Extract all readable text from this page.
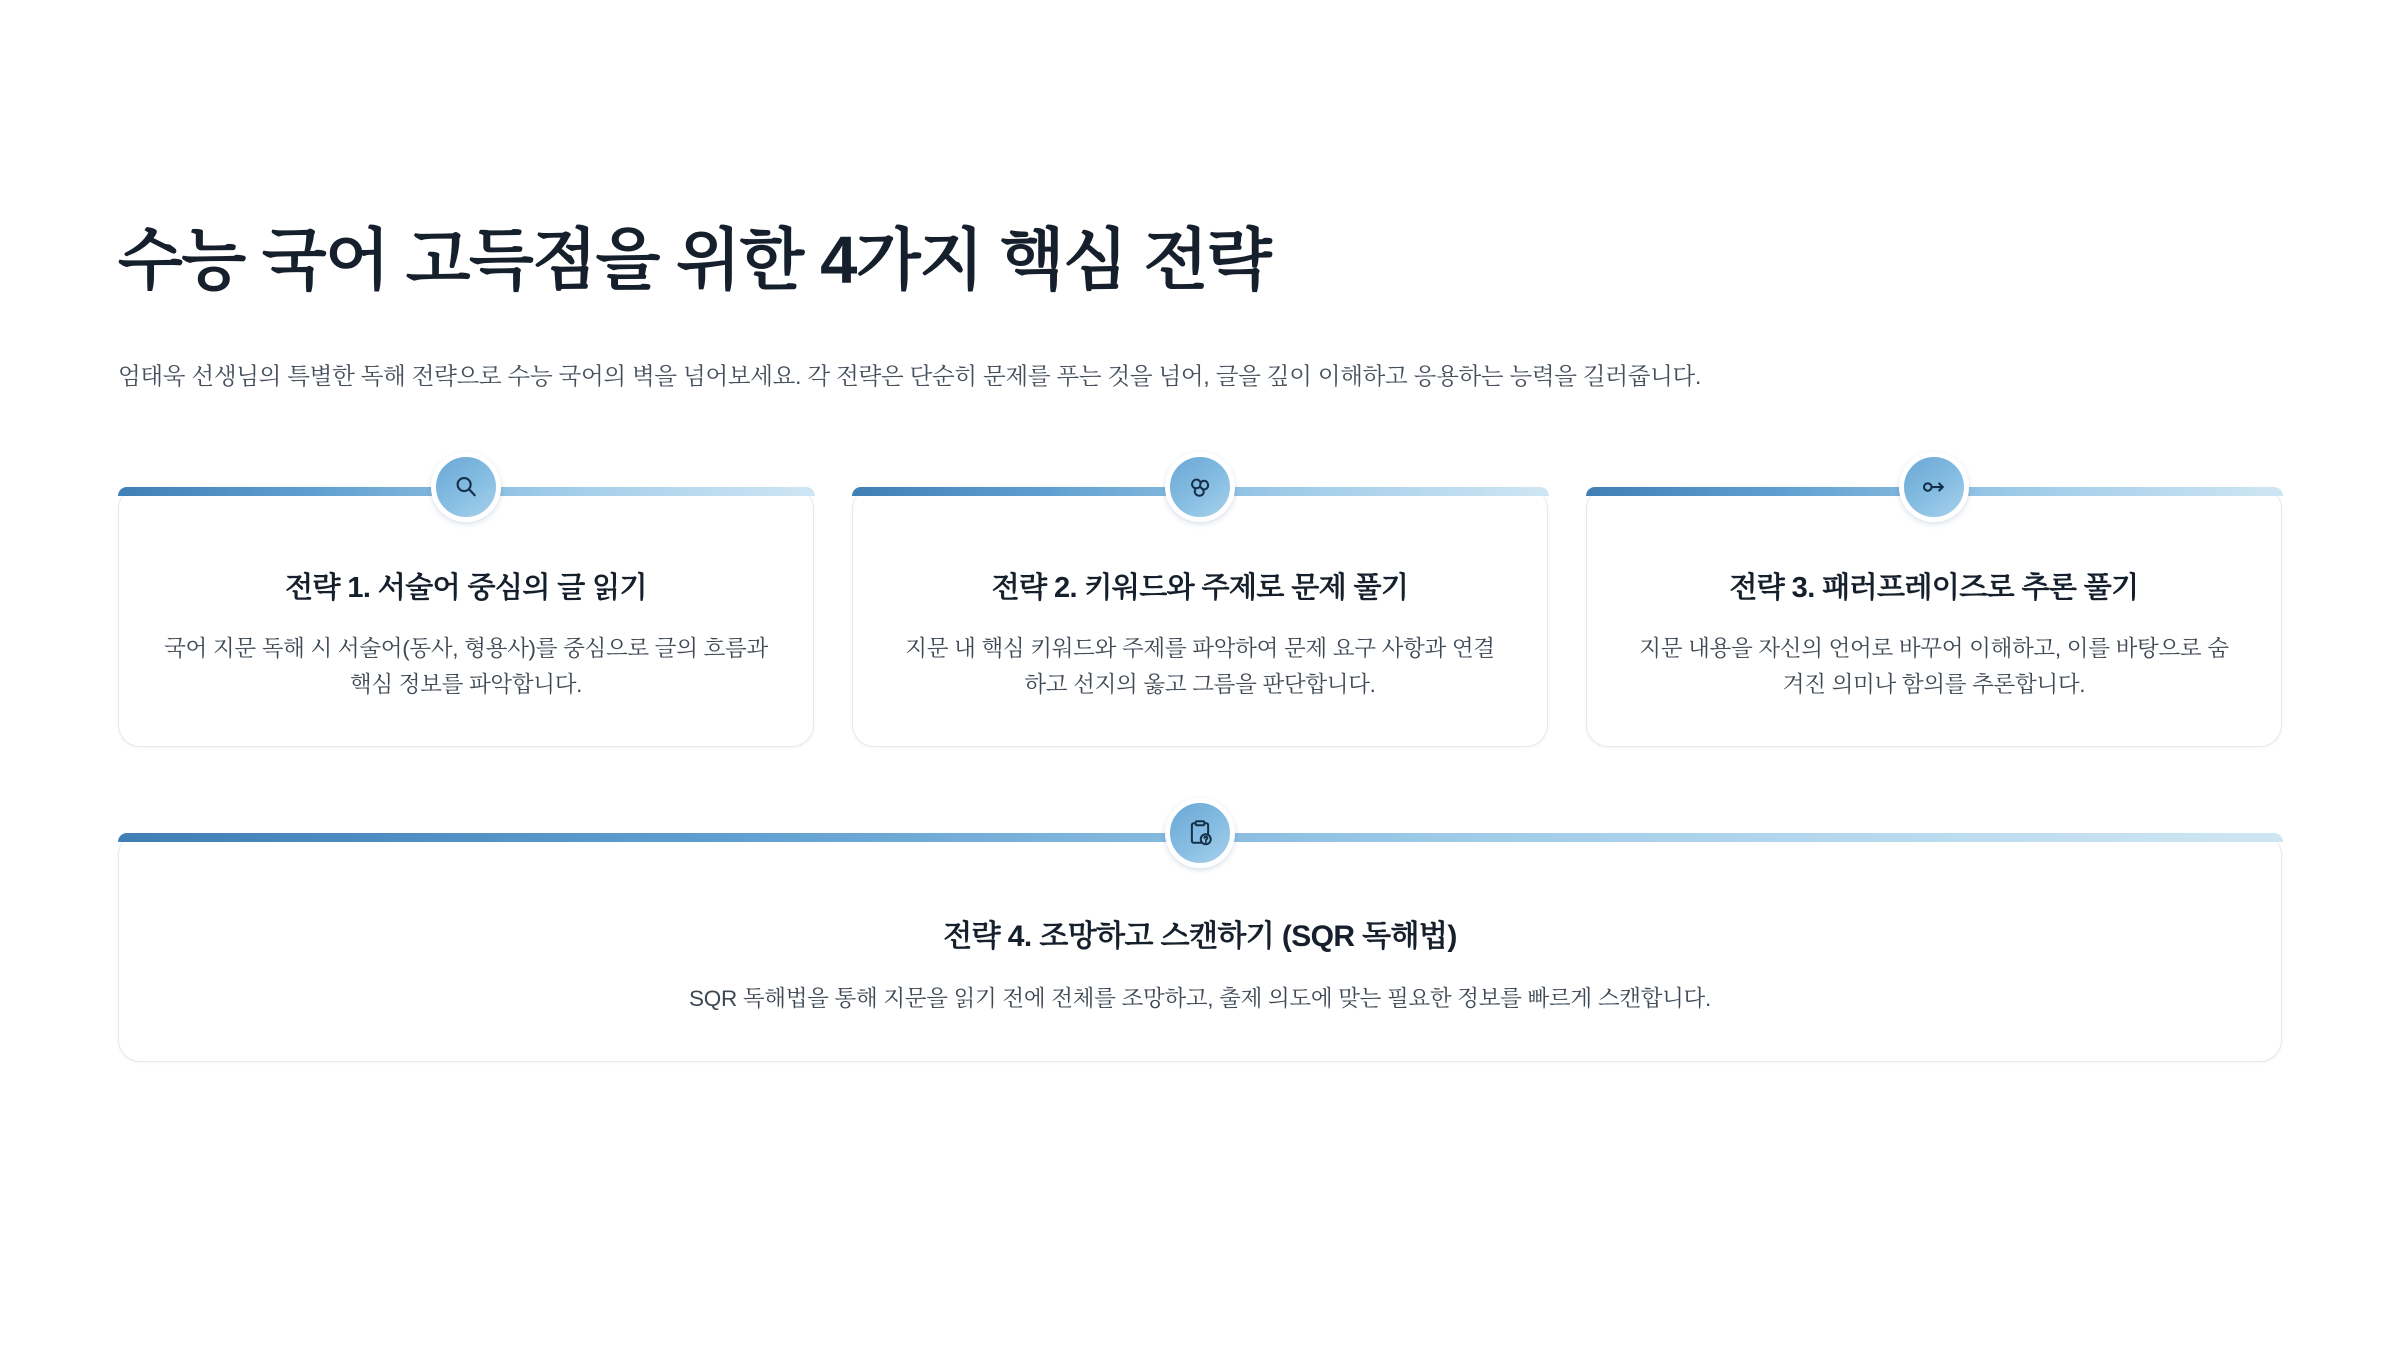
수능 국어 고득점을 위한 4가지 핵심 전략

엄태욱 선생님의 특별한 독해 전략으로 수능 국어의 벽을 넘어보세요. 각 전략은 단순히 문제를 푸는 것을 넘어, 글을 깊이 이해하고 응용하는 능력을 길러줍니다.

전략 1. 서술어 중심의 글 읽기

국어 지문 독해 시 서술어(동사, 형용사)를 중심으로 글의 흐름과 핵심 정보를 파악합니다.

전략 2. 키워드와 주제로 문제 풀기

지문 내 핵심 키워드와 주제를 파악하여 문제 요구 사항과 연결하고 선지의 옳고 그름을 판단합니다.

전략 3. 패러프레이즈로 추론 풀기

지문 내용을 자신의 언어로 바꾸어 이해하고, 이를 바탕으로 숨겨진 의미나 함의를 추론합니다.

전략 4. 조망하고 스캔하기 (SQR 독해법)

SQR 독해법을 통해 지문을 읽기 전에 전체를 조망하고, 출제 의도에 맞는 필요한 정보를 빠르게 스캔합니다.
